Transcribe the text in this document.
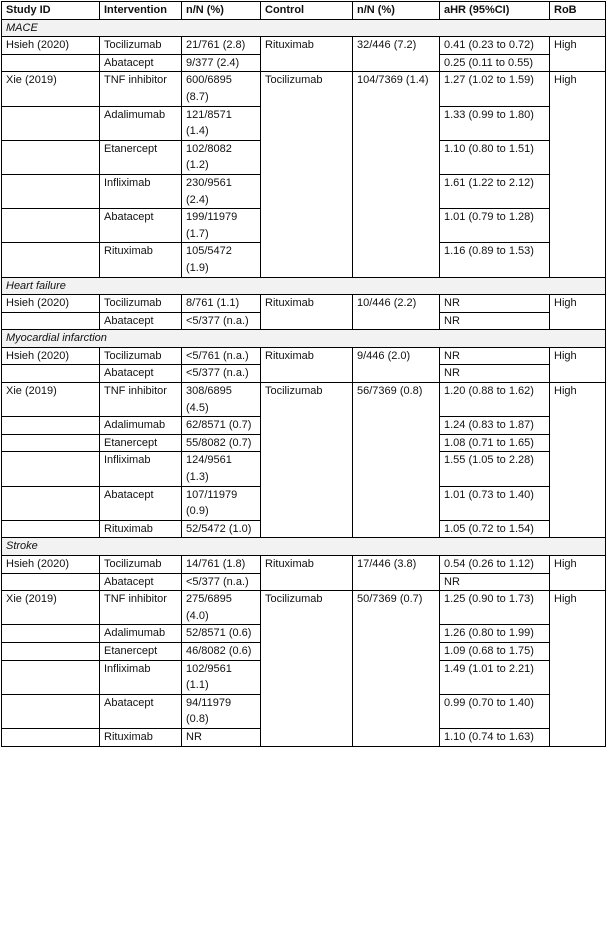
Study ID	Intervention	n/N (%)	Control	n/N (%)	aHR (95%CI)	RoB
MACE						
Hsieh (2020)	Tocilizumab	21/761 (2.8)	Rituximab	32/446 (7.2)	0.41 (0.23 to 0.72)	High
	Abatacept	9/377 (2.4)			0.25 (0.11 to 0.55)	
Xie (2019)	TNF inhibitor	600/6895 (8.7)	Tocilizumab	104/7369 (1.4)	1.27 (1.02 to 1.59)	High
	Adalimumab	121/8571 (1.4)			1.33 (0.99 to 1.80)	
	Etanercept	102/8082 (1.2)			1.10 (0.80 to 1.51)	
	Infliximab	230/9561 (2.4)			1.61 (1.22 to 2.12)	
	Abatacept	199/11979 (1.7)			1.01 (0.79 to 1.28)	
	Rituximab	105/5472 (1.9)			1.16 (0.89 to 1.53)	
Heart failure						
Hsieh (2020)	Tocilizumab	8/761 (1.1)	Rituximab	10/446 (2.2)	NR	High
	Abatacept	<5/377 (n.a.)			NR	
Myocardial infarction						
Hsieh (2020)	Tocilizumab	<5/761 (n.a.)	Rituximab	9/446 (2.0)	NR	High
	Abatacept	<5/377 (n.a.)			NR	
Xie (2019)	TNF inhibitor	308/6895 (4.5)	Tocilizumab	56/7369 (0.8)	1.20 (0.88 to 1.62)	High
	Adalimumab	62/8571 (0.7)			1.24 (0.83 to 1.87)	
	Etanercept	55/8082 (0.7)			1.08 (0.71 to 1.65)	
	Infliximab	124/9561 (1.3)			1.55 (1.05 to 2.28)	
	Abatacept	107/11979 (0.9)			1.01 (0.73 to 1.40)	
	Rituximab	52/5472 (1.0)			1.05 (0.72 to 1.54)	
Stroke						
Hsieh (2020)	Tocilizumab	14/761 (1.8)	Rituximab	17/446 (3.8)	0.54 (0.26 to 1.12)	High
	Abatacept	<5/377 (n.a.)			NR	
Xie (2019)	TNF inhibitor	275/6895 (4.0)	Tocilizumab	50/7369 (0.7)	1.25 (0.90 to 1.73)	High
	Adalimumab	52/8571 (0.6)			1.26 (0.80 to 1.99)	
	Etanercept	46/8082 (0.6)			1.09 (0.68 to 1.75)	
	Infliximab	102/9561 (1.1)			1.49 (1.01 to 2.21)	
	Abatacept	94/11979 (0.8)			0.99 (0.70 to 1.40)	
	Rituximab	NR			1.10 (0.74 to 1.63)	
